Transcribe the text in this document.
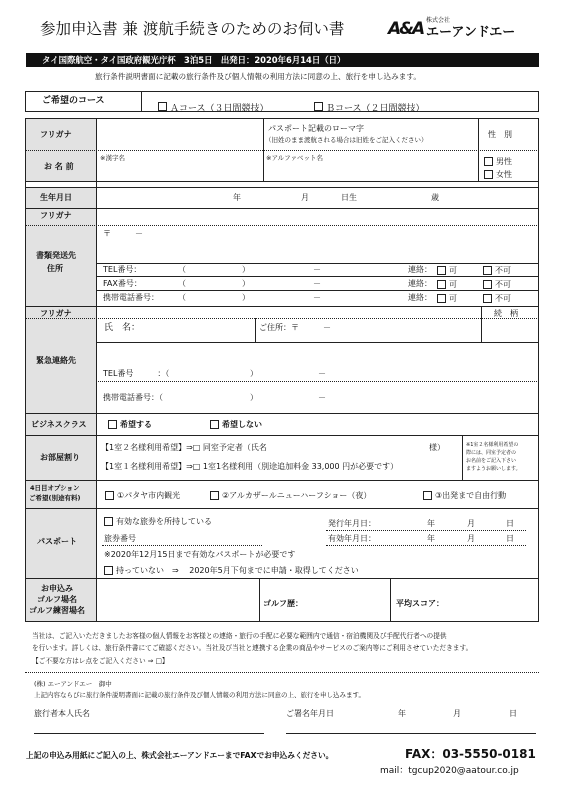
参加申込書 兼 渡航手続きのためのお伺い書	A&A 株式会社
エーアンドエー
タイ国際航空・タイ国政府観光庁杯　3泊5日　出発日：2020年6月14日（日）
旅行条件説明書面に記載の旅行条件及び個人情報の利用方法に同意の上、旅行を申し込みます。
ご希望のコース
Ａコース（３日間競技）	Ｂコース（２日間競技）
フリガナ
お 名 前
※漢字名
パスポート記載のローマ字
（旧姓のまま渡航される場合は旧姓をご記入ください）
※アルファベット名
性　別
男性
女性
生年月日	年	月	日生	歳
フリガナ
書類発送先
住所
〒　　　－
TEL番号：	（	）	－	連絡：	可	不可
FAX番号：	（	）	－	連絡：	可	不可
携帯電話番号： （	）	－	連絡：	可	不可
フリガナ	続　柄
緊急連絡先
氏　名：	ご住所：〒　　　－
TEL番号　　　：（	）	－
携帯電話番号：（	）	－
ビジネスクラス	希望する	希望しない
お部屋割り
【1室２名様利用希望】⇒□ 同室予定者（氏名	様）
【1室１名様利用希望】⇒□ 1室1名様利用（別途追加料金 33,000 円が必要です）
※1室２名様利用希望の
際には、同室予定者の
お名前をご記入下さい
ますようお願いします。
4日目オプション
ご希望(別途有料)	①パタヤ市内観光	②アルカザールニューハーフショー（夜）	③出発まで自由行動
パスポート
有効な旅券を所持している	発行年月日：	年	月	日
旅券番号	有効年月日：	年	月	日
※2020年12月15日まで有効なパスポートが必要です
持っていない　⇒　 2020年5月下旬までに申請・取得してください
お申込み
ゴルフ場名
ゴルフ練習場名
ゴルフ歴：	平均スコア：
当社は、ご記入いただきましたお客様の個人情報をお客様との連絡・旅行の手配に必要な範囲内で通信・宿泊機関及び手配代行者への提供
を行います。詳しくは、旅行条件書にてご確認ください。当社及び当社と連携する企業の商品やサービスのご案内等にご利用させていただきます。
【ご不要な方はレ点をご記入ください ⇒ □】
(株) エーアンドエー　御中
上記内容ならびに旅行条件説明書面に記載の旅行条件及び個人情報の利用方法に同意の上、旅行を申し込みます。
旅行者本人氏名	ご署名年月日	年	月	日
上記の申込み用紙にご記入の上、株式会社エーアンドエーまでFAXでお申込みください。	FAX：03-5550-0181
mail：tgcup2020@aatour.co.jp
